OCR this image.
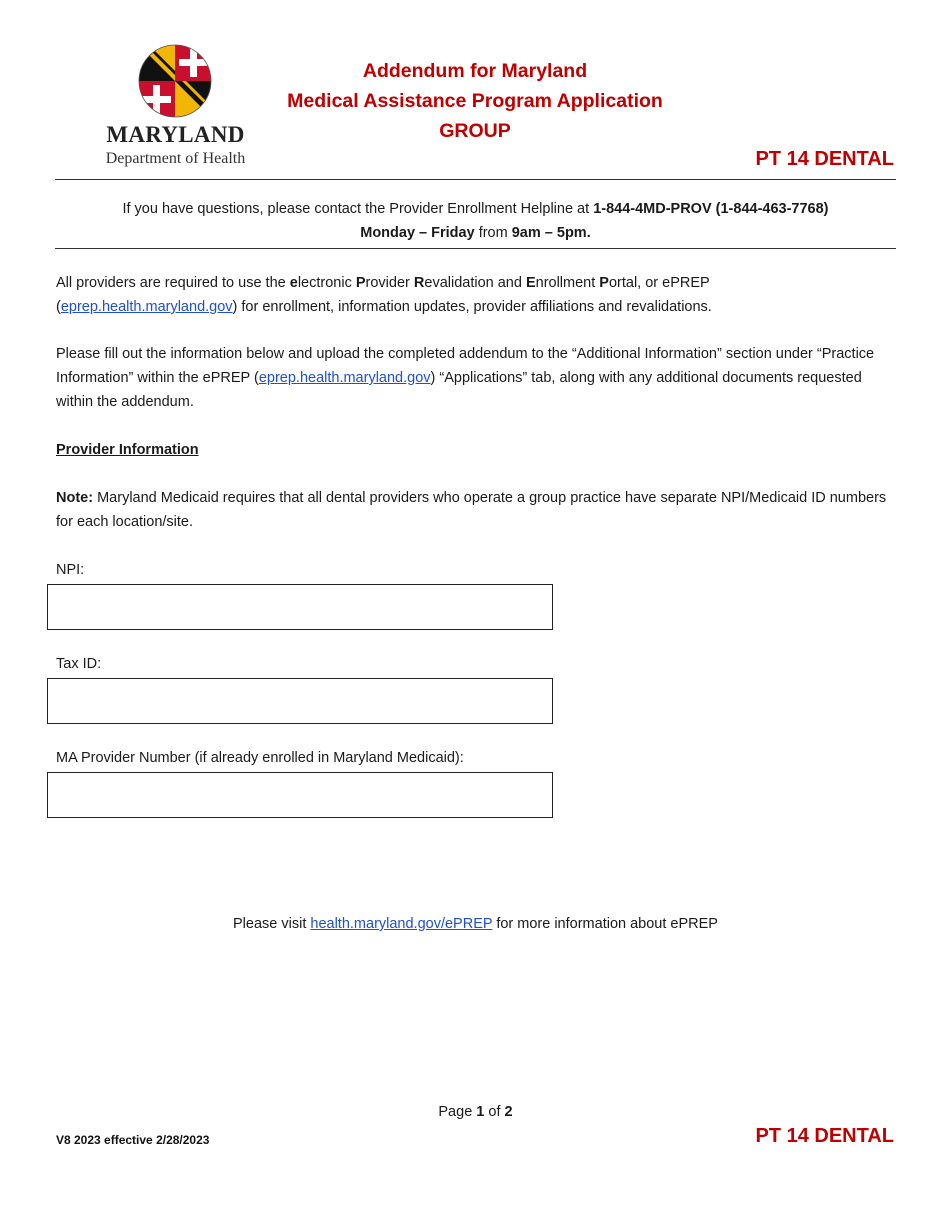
MARYLAND
Department of Health
Addendum for Maryland
Medical Assistance Program Application
GROUP
PT 14 DENTAL
If you have questions, please contact the Provider Enrollment Helpline at 1-844-4MD-PROV (1-844-463-7768)
Monday – Friday from 9am – 5pm.
All providers are required to use the electronic Provider Revalidation and Enrollment Portal, or ePREP
(eprep.health.maryland.gov) for enrollment, information updates, provider affiliations and revalidations.
Please fill out the information below and upload the completed addendum to the “Additional Information” section under “Practice Information” within the ePREP (eprep.health.maryland.gov) “Applications” tab, along with any additional documents requested within the addendum.
Provider Information
Note: Maryland Medicaid requires that all dental providers who operate a group practice have separate NPI/Medicaid ID numbers for each location/site.
NPI:
Tax ID:
MA Provider Number (if already enrolled in Maryland Medicaid):
Please visit health.maryland.gov/ePREP for more information about ePREP
Page 1 of 2
V8 2023 effective 2/28/2023	PT 14 DENTAL
